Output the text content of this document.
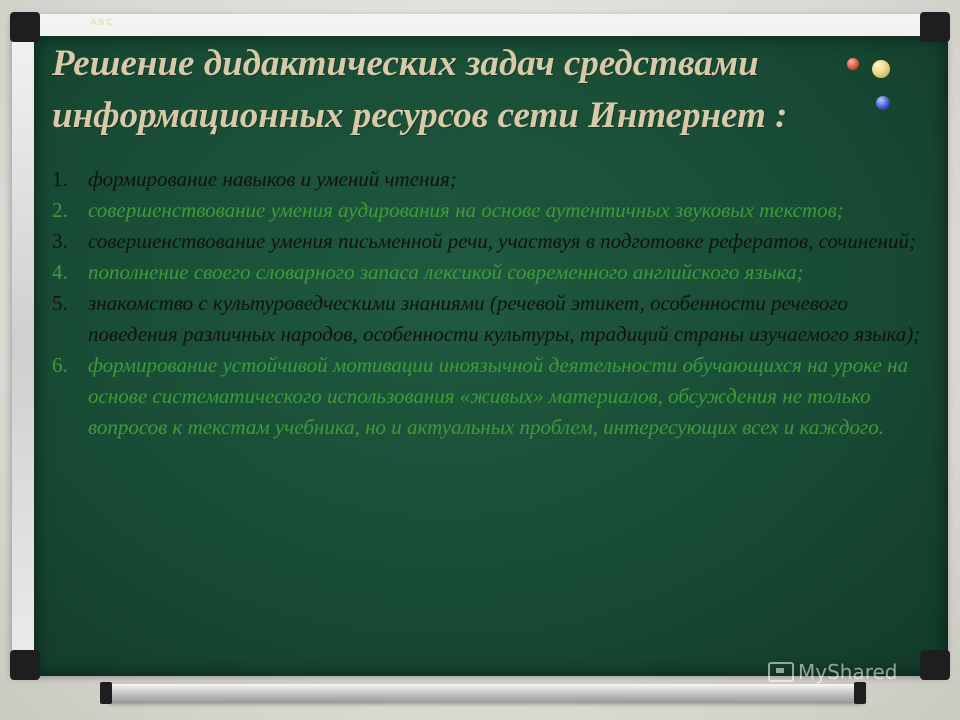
АБС
Решение дидактических задач средствами
информационных ресурсов сети Интернет :
1. формирование навыков и умений чтения;
2. совершенствование умения аудирования на основе аутентичных звуковых текстов;
3. совершенствование умения письменной речи, участвуя в подготовке рефератов, сочинений;
4. пополнение своего словарного запаса лексикой современного английского языка;
5. знакомство с культуроведческими знаниями (речевой этикет, особенности речевого поведения различных народов, особенности культуры, традиций страны изучаемого языка);
6. формирование устойчивой мотивации иноязычной деятельности обучающихся на уроке на основе систематического использования «живых» материалов, обсуждения не только вопросов к текстам учебника, но и актуальных проблем, интересующих всех и каждого.
MyShared
